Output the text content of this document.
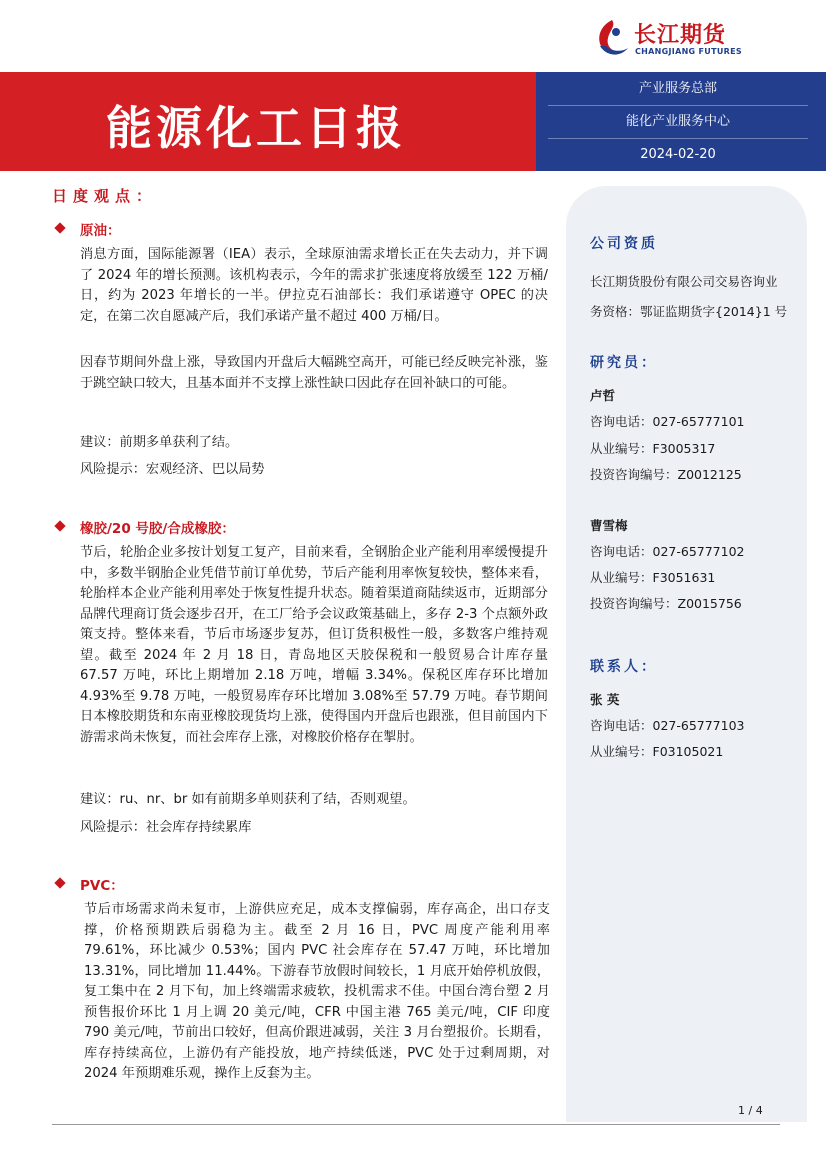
长江期货
CHANGJIANG FUTURES
能源化工日报
产业服务总部
能化产业服务中心
2024-02-20
公司资质
长江期货股份有限公司交易咨询业
务资格：鄂证监期货字{2014}1 号
研究员：
卢哲
咨询电话：027-65777101
从业编号：F3005317
投资咨询编号：Z0012125
曹雪梅
咨询电话：027-65777102
从业编号：F3051631
投资咨询编号：Z0015756
联系人：
张 英
咨询电话：027-65777103
从业编号：F03105021
日度观点：
原油：
消息方面，国际能源署（IEA）表示，全球原油需求增长正在失去动力，并下调了 2024 年的增长预测。该机构表示，今年的需求扩张速度将放缓至 122 万桶/日，约为 2023 年增长的一半。伊拉克石油部长：我们承诺遵守 OPEC 的决定，在第二次自愿减产后，我们承诺产量不超过 400 万桶/日。
因春节期间外盘上涨，导致国内开盘后大幅跳空高开，可能已经反映完补涨，鉴于跳空缺口较大，且基本面并不支撑上涨性缺口因此存在回补缺口的可能。
建议：前期多单获利了结。
风险提示：宏观经济、巴以局势
橡胶/20 号胶/合成橡胶：
节后，轮胎企业多按计划复工复产，目前来看，全钢胎企业产能利用率缓慢提升中，多数半钢胎企业凭借节前订单优势，节后产能利用率恢复较快，整体来看，轮胎样本企业产能利用率处于恢复性提升状态。随着渠道商陆续返市，近期部分品牌代理商订货会逐步召开，在工厂给予会议政策基础上，多存 2-3 个点额外政策支持。整体来看，节后市场逐步复苏，但订货积极性一般，多数客户维持观望。截至 2024 年 2 月 18 日，青岛地区天胶保税和一般贸易合计库存量 67.57 万吨，环比上期增加 2.18 万吨，增幅 3.34%。保税区库存环比增加 4.93%至 9.78 万吨，一般贸易库存环比增加 3.08%至 57.79 万吨。春节期间日本橡胶期货和东南亚橡胶现货均上涨，使得国内开盘后也跟涨，但目前国内下游需求尚未恢复，而社会库存上涨，对橡胶价格存在掣肘。
建议：ru、nr、br 如有前期多单则获利了结，否则观望。
风险提示：社会库存持续累库
PVC：
节后市场需求尚未复市，上游供应充足，成本支撑偏弱，库存高企，出口存支撑，价格预期跌后弱稳为主。截至 2 月 16 日，PVC 周度产能利用率 79.61%，环比减少 0.53%；国内 PVC 社会库存在 57.47 万吨，环比增加 13.31%，同比增加 11.44%。下游春节放假时间较长，1 月底开始停机放假，复工集中在 2 月下旬，加上终端需求疲软，投机需求不佳。中国台湾台塑 2 月预售报价环比 1 月上调 20 美元/吨，CFR 中国主港 765 美元/吨，CIF 印度 790 美元/吨，节前出口较好，但高价跟进减弱，关注 3 月台塑报价。长期看，库存持续高位，上游仍有产能投放，地产持续低迷，PVC 处于过剩周期，对 2024 年预期难乐观，操作上反套为主。
1 / 4
